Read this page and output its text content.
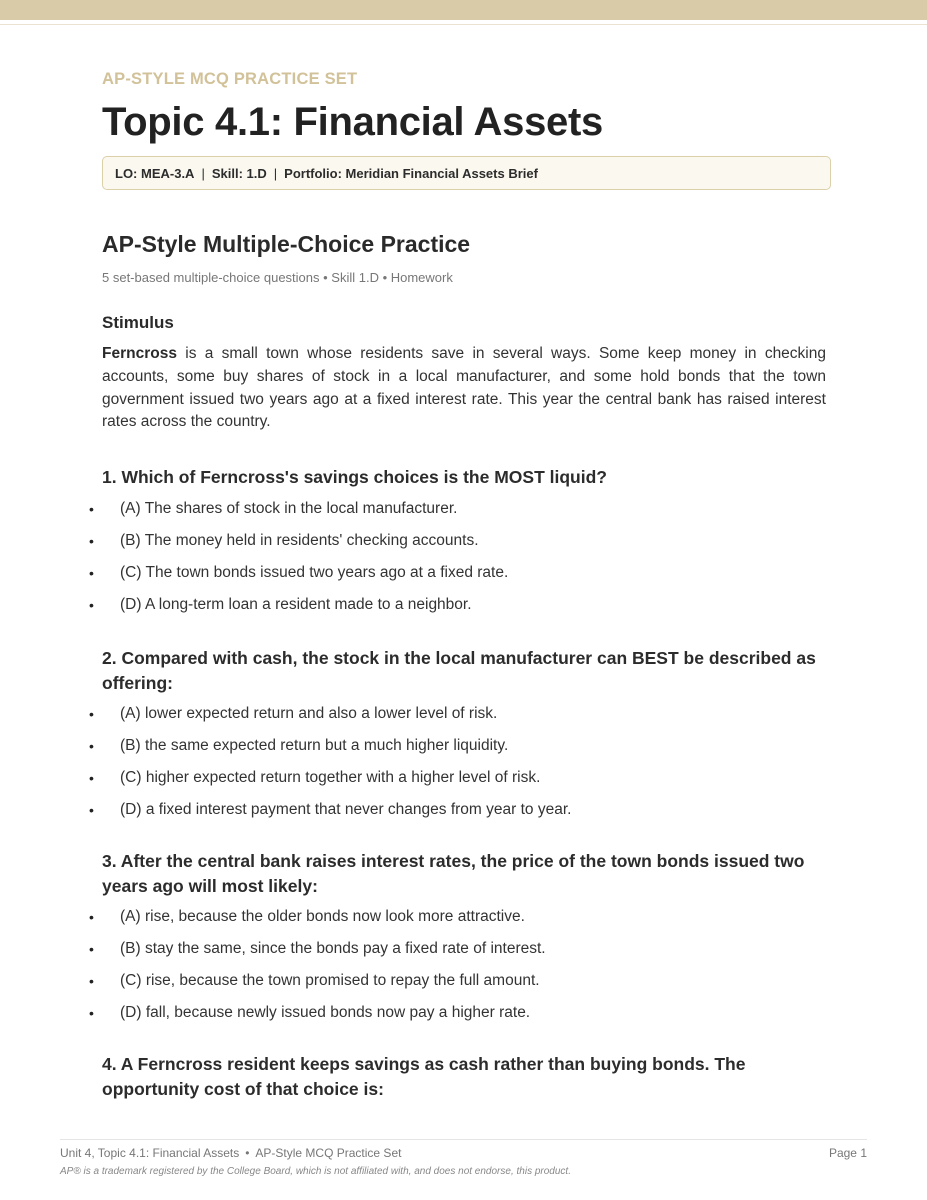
AP-STYLE MCQ PRACTICE SET
Topic 4.1: Financial Assets
LO: MEA-3.A | Skill: 1.D | Portfolio: Meridian Financial Assets Brief
AP-Style Multiple-Choice Practice
5 set-based multiple-choice questions • Skill 1.D • Homework
Stimulus

Ferncross is a small town whose residents save in several ways. Some keep money in checking accounts, some buy shares of stock in a local manufacturer, and some hold bonds that the town government issued two years ago at a fixed interest rate. This year the central bank has raised interest rates across the country.

1. Which of Ferncross's savings choices is the MOST liquid?

• (A) The shares of stock in the local manufacturer.
• (B) The money held in residents' checking accounts.
• (C) The town bonds issued two years ago at a fixed rate.
• (D) A long-term loan a resident made to a neighbor.

2. Compared with cash, the stock in the local manufacturer can BEST be described as offering:

• (A) lower expected return and also a lower level of risk.
• (B) the same expected return but a much higher liquidity.
• (C) higher expected return together with a higher level of risk.
• (D) a fixed interest payment that never changes from year to year.

3. After the central bank raises interest rates, the price of the town bonds issued two years ago will most likely:

• (A) rise, because the older bonds now look more attractive.
• (B) stay the same, since the bonds pay a fixed rate of interest.
• (C) rise, because the town promised to repay the full amount.
• (D) fall, because newly issued bonds now pay a higher rate.

4. A Ferncross resident keeps savings as cash rather than buying bonds. The opportunity cost of that choice is:

Unit 4, Topic 4.1: Financial Assets • AP-Style MCQ Practice Set	Page 1
AP® is a trademark registered by the College Board, which is not affiliated with, and does not endorse, this product.
